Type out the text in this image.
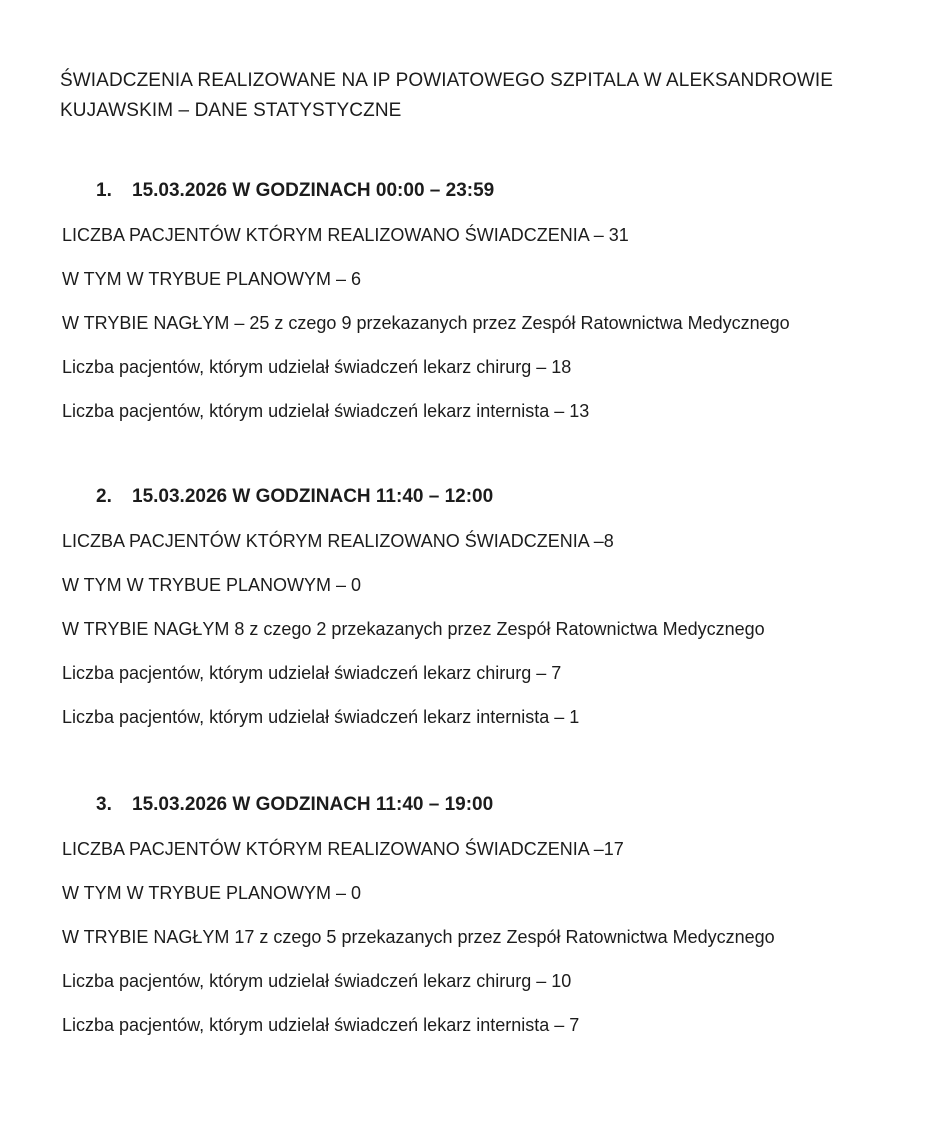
ŚWIADCZENIA REALIZOWANE NA IP POWIATOWEGO SZPITALA W ALEKSANDROWIE KUJAWSKIM – DANE STATYSTYCZNE
1. 15.03.2026 W GODZINACH 00:00 – 23:59
LICZBA PACJENTÓW KTÓRYM REALIZOWANO ŚWIADCZENIA – 31
W TYM W TRYBUE PLANOWYM – 6
W TRYBIE NAGŁYM – 25 z czego 9 przekazanych przez Zespół Ratownictwa Medycznego
Liczba pacjentów, którym udzielał świadczeń lekarz chirurg – 18
Liczba pacjentów, którym udzielał świadczeń lekarz internista – 13
2. 15.03.2026 W GODZINACH 11:40 – 12:00
LICZBA PACJENTÓW KTÓRYM REALIZOWANO ŚWIADCZENIA –8
W TYM W TRYBUE PLANOWYM – 0
W TRYBIE NAGŁYM 8 z czego 2 przekazanych przez Zespół Ratownictwa Medycznego
Liczba pacjentów, którym udzielał świadczeń lekarz chirurg – 7
Liczba pacjentów, którym udzielał świadczeń lekarz internista – 1
3. 15.03.2026 W GODZINACH 11:40 – 19:00
LICZBA PACJENTÓW KTÓRYM REALIZOWANO ŚWIADCZENIA –17
W TYM W TRYBUE PLANOWYM – 0
W TRYBIE NAGŁYM 17 z czego 5 przekazanych przez Zespół Ratownictwa Medycznego
Liczba pacjentów, którym udzielał świadczeń lekarz chirurg – 10
Liczba pacjentów, którym udzielał świadczeń lekarz internista – 7
